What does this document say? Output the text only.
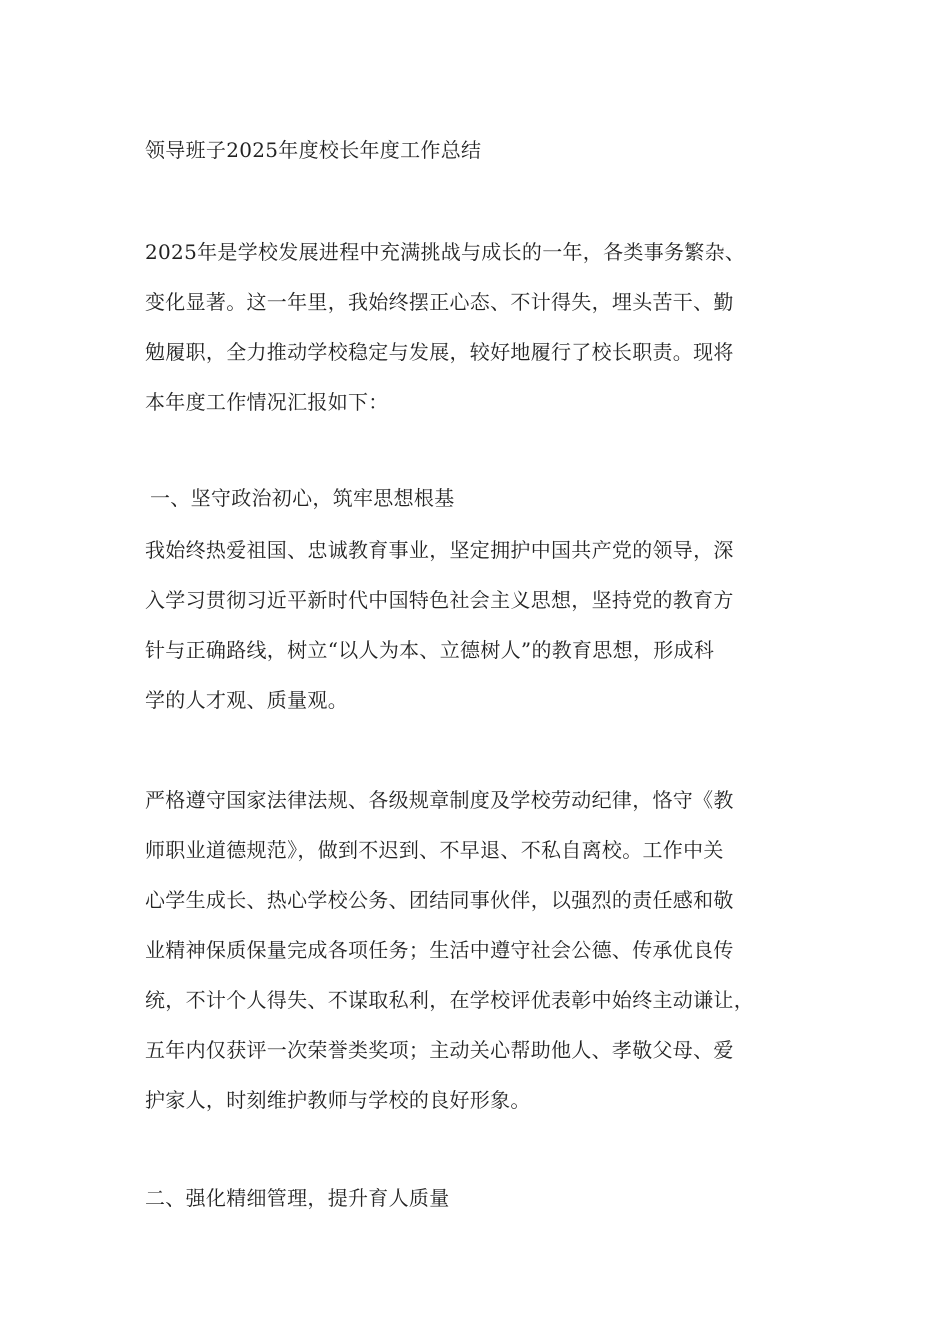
领导班子2025年度校长年度工作总结
2025年是学校发展进程中充满挑战与成长的一年，各类事务繁杂、
变化显著。这一年里，我始终摆正心态、不计得失，埋头苦干、勤
勉履职，全力推动学校稳定与发展，较好地履行了校长职责。现将
本年度工作情况汇报如下：
一、坚守政治初心，筑牢思想根基
我始终热爱祖国、忠诚教育事业，坚定拥护中国共产党的领导，深
入学习贯彻习近平新时代中国特色社会主义思想，坚持党的教育方
针与正确路线，树立“以人为本、立德树人”的教育思想，形成科
学的人才观、质量观。
严格遵守国家法律法规、各级规章制度及学校劳动纪律，恪守《教
师职业道德规范》，做到不迟到、不早退、不私自离校。工作中关
心学生成长、热心学校公务、团结同事伙伴，以强烈的责任感和敬
业精神保质保量完成各项任务；生活中遵守社会公德、传承优良传
统，不计个人得失、不谋取私利，在学校评优表彰中始终主动谦让，
五年内仅获评一次荣誉类奖项；主动关心帮助他人、孝敬父母、爱
护家人，时刻维护教师与学校的良好形象。
二、强化精细管理，提升育人质量
